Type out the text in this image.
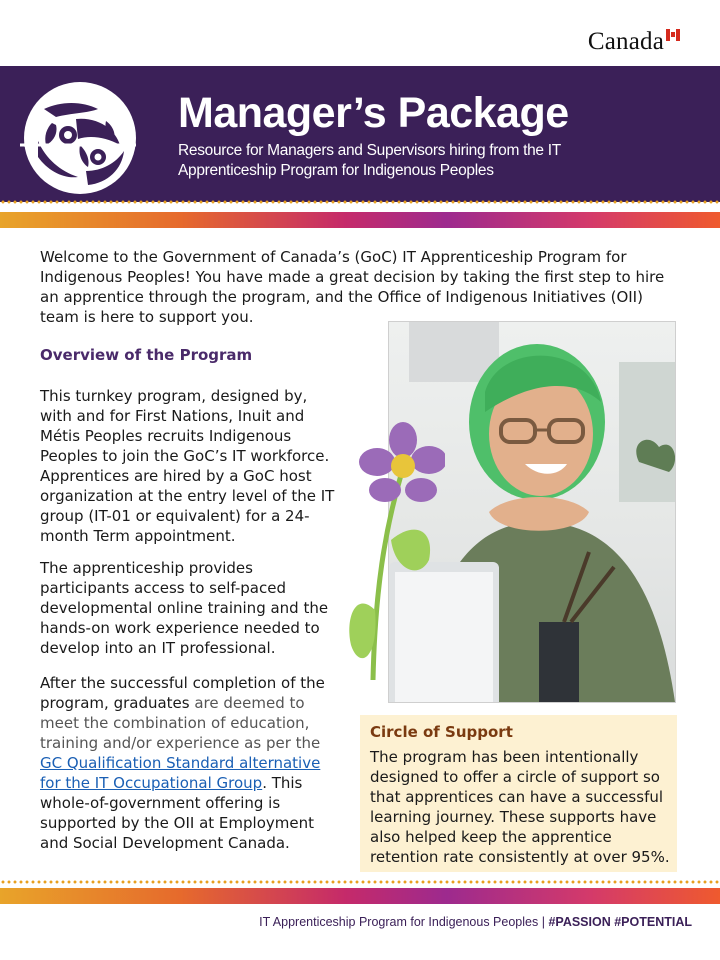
Canada
Manager’s Package
Resource for Managers and Supervisors hiring from the IT Apprenticeship Program for Indigenous Peoples

Welcome to the Government of Canada’s (GoC) IT Apprenticeship Program for Indigenous Peoples! You have made a great decision by taking the first step to hire an apprentice through the program, and the Office of Indigenous Initiatives (OII) team is here to support you.

Overview of the Program

This turnkey program, designed by, with and for First Nations, Inuit and Métis Peoples recruits Indigenous Peoples to join the GoC’s IT workforce. Apprentices are hired by a GoC host organization at the entry level of the IT group (IT-01 or equivalent) for a 24-month Term appointment.

The apprenticeship provides participants access to self-paced developmental online training and the hands-on work experience needed to develop into an IT professional.

After the successful completion of the program, graduates are deemed to meet the combination of education, training and/or experience as per the GC Qualification Standard alternative for the IT Occupational Group. This whole-of-government offering is supported by the OII at Employment and Social Development Canada.

Circle of Support

The program has been intentionally designed to offer a circle of support so that apprentices can have a successful learning journey. These supports have also helped keep the apprentice retention rate consistently at over 95%.

IT Apprenticeship Program for Indigenous Peoples | #PASSION #POTENTIAL
